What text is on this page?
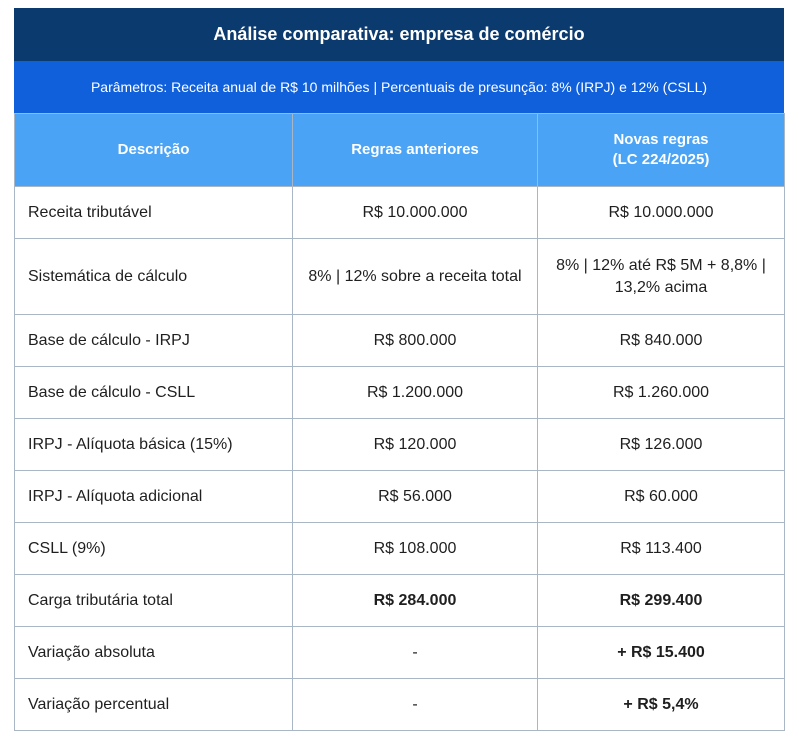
Análise comparativa: empresa de comércio
Parâmetros: Receita anual de R$ 10 milhões | Percentuais de presunção: 8% (IRPJ) e 12% (CSLL)
Descrição	Regras anteriores	Novas regras
(LC 224/2025)
Receita tributável	R$ 10.000.000	R$ 10.000.000
Sistemática de cálculo	8% | 12% sobre a receita total	8% | 12% até R$ 5M + 8,8% | 13,2% acima
Base de cálculo - IRPJ	R$ 800.000	R$ 840.000
Base de cálculo - CSLL	R$ 1.200.000	R$ 1.260.000
IRPJ - Alíquota básica (15%)	R$ 120.000	R$ 126.000
IRPJ - Alíquota adicional	R$ 56.000	R$ 60.000
CSLL (9%)	R$ 108.000	R$ 113.400
Carga tributária total	R$ 284.000	R$ 299.400
Variação absoluta	-	+ R$ 15.400
Variação percentual	-	+ R$ 5,4%
